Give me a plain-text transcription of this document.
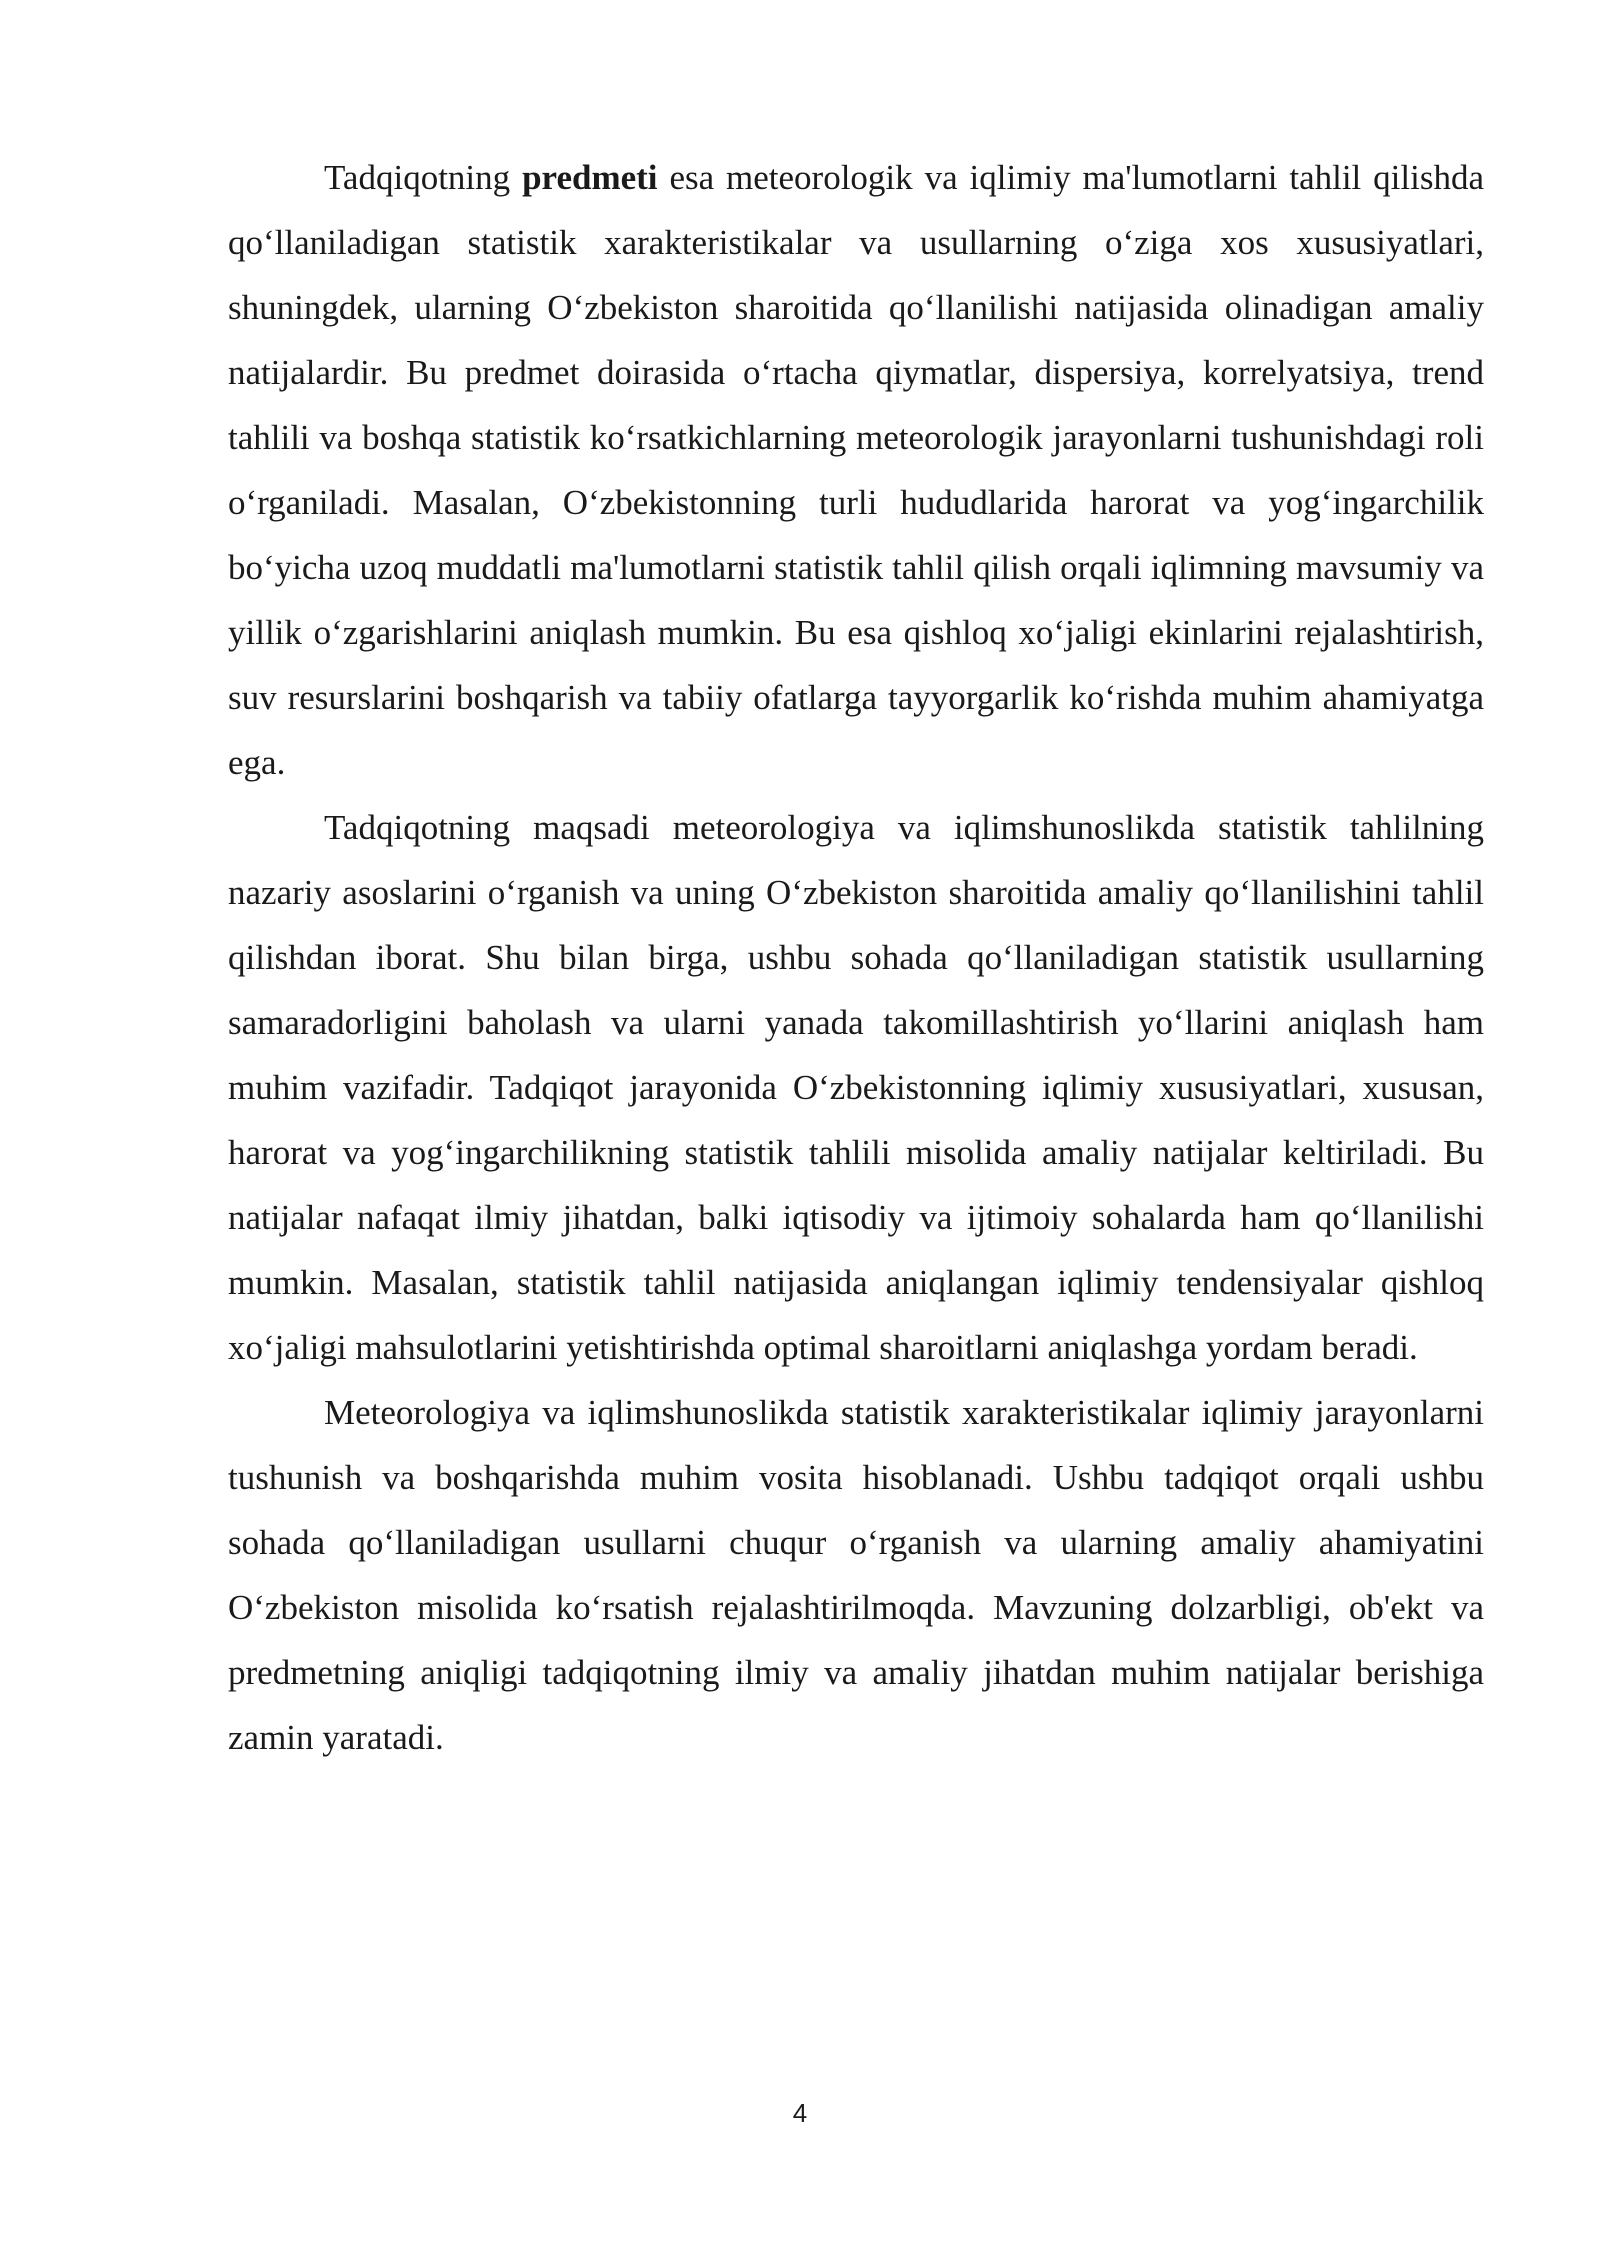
Tadqiqotning predmeti esa meteorologik va iqlimiy ma'lumotlarni tahlil qilishda qo‘llaniladigan statistik xarakteristikalar va usullarning o‘ziga xos xususiyatlari, shuningdek, ularning O‘zbekiston sharoitida qo‘llanilishi natijasida olinadigan amaliy natijalardir. Bu predmet doirasida o‘rtacha qiymatlar, dispersiya, korrelyatsiya, trend tahlili va boshqa statistik ko‘rsatkichlarning meteorologik jarayonlarni tushunishdagi roli o‘rganiladi. Masalan, O‘zbekistonning turli hududlarida harorat va yog‘ingarchilik bo‘yicha uzoq muddatli ma'lumotlarni statistik tahlil qilish orqali iqlimning mavsumiy va yillik o‘zgarishlarini aniqlash mumkin. Bu esa qishloq xo‘jaligi ekinlarini rejalashtirish, suv resurslarini boshqarish va tabiiy ofatlarga tayyorgarlik ko‘rishda muhim ahamiyatga ega.

Tadqiqotning maqsadi meteorologiya va iqlimshunoslikda statistik tahlilning nazariy asoslarini o‘rganish va uning O‘zbekiston sharoitida amaliy qo‘llanilishini tahlil qilishdan iborat. Shu bilan birga, ushbu sohada qo‘llaniladigan statistik usullarning samaradorligini baholash va ularni yanada takomillashtirish yo‘llarini aniqlash ham muhim vazifadir. Tadqiqot jarayonida O‘zbekistonning iqlimiy xususiyatlari, xususan, harorat va yog‘ingarchilikning statistik tahlili misolida amaliy natijalar keltiriladi. Bu natijalar nafaqat ilmiy jihatdan, balki iqtisodiy va ijtimoiy sohalarda ham qo‘llanilishi mumkin. Masalan, statistik tahlil natijasida aniqlangan iqlimiy tendensiyalar qishloq xo‘jaligi mahsulotlarini yetishtirishda optimal sharoitlarni aniqlashga yordam beradi.

Meteorologiya va iqlimshunoslikda statistik xarakteristikalar iqlimiy jarayonlarni tushunish va boshqarishda muhim vosita hisoblanadi. Ushbu tadqiqot orqali ushbu sohada qo‘llaniladigan usullarni chuqur o‘rganish va ularning amaliy ahamiyatini O‘zbekiston misolida ko‘rsatish rejalashtirilmoqda. Mavzuning dolzarbligi, ob'ekt va predmetning aniqligi tadqiqotning ilmiy va amaliy jihatdan muhim natijalar berishiga zamin yaratadi.

4
